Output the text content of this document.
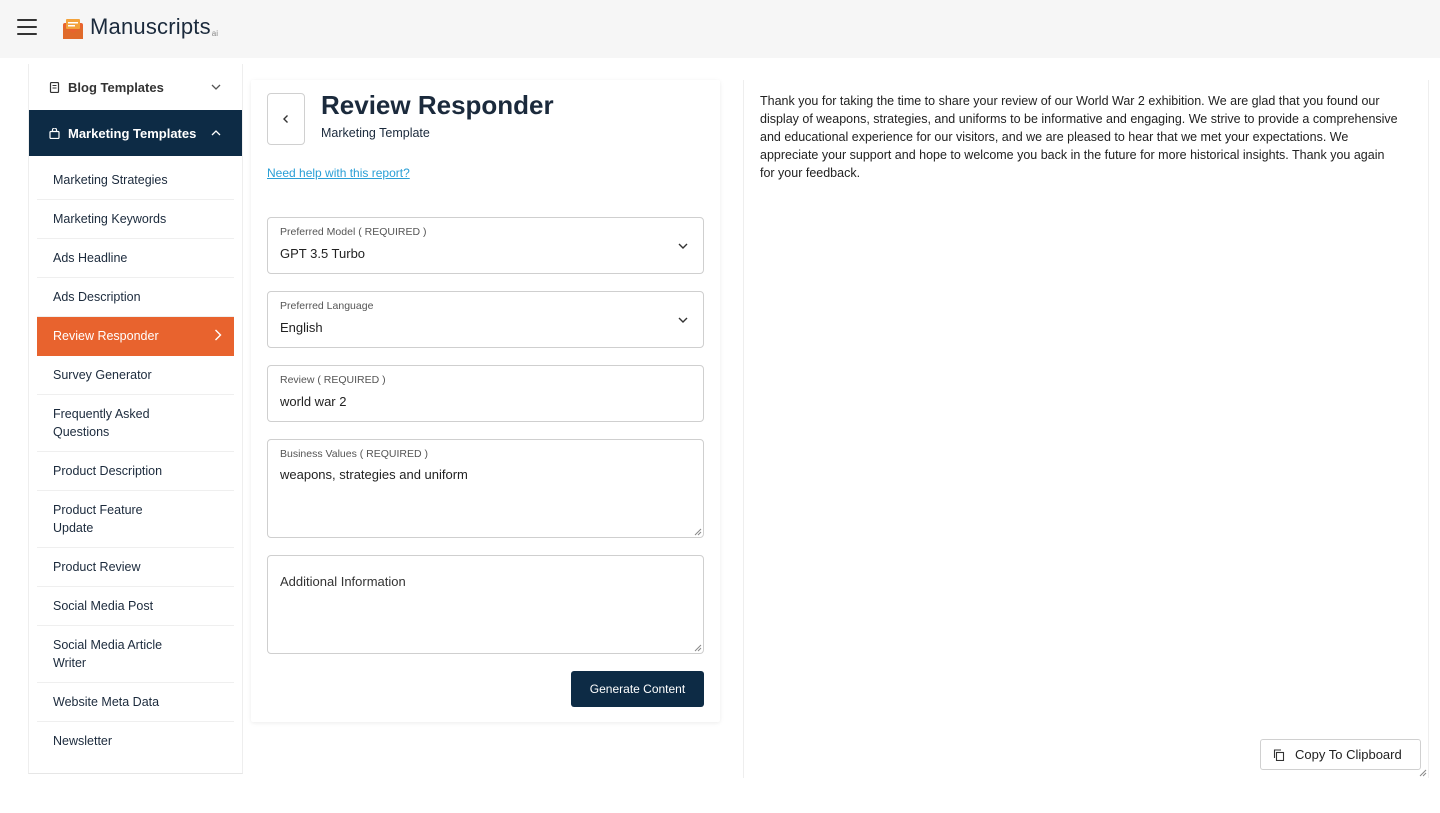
Manuscripts ai
Blog Templates
Marketing Templates
Marketing Strategies
Marketing Keywords
Ads Headline
Ads Description
Review Responder
Survey Generator
Frequently Asked Questions
Product Description
Product Feature Update
Product Review
Social Media Post
Social Media Article Writer
Website Meta Data
Newsletter
Review Responder
Marketing Template
Need help with this report?
Preferred Model ( REQUIRED )
GPT 3.5 Turbo
Preferred Language
English
Review ( REQUIRED )
world war 2
Business Values ( REQUIRED )
weapons, strategies and uniform
Additional Information
Generate Content
Thank you for taking the time to share your review of our World War 2 exhibition. We are glad that you found our display of weapons, strategies, and uniforms to be informative and engaging. We strive to provide a comprehensive and educational experience for our visitors, and we are pleased to hear that we met your expectations. We appreciate your support and hope to welcome you back in the future for more historical insights. Thank you again for your feedback.
Copy To Clipboard
